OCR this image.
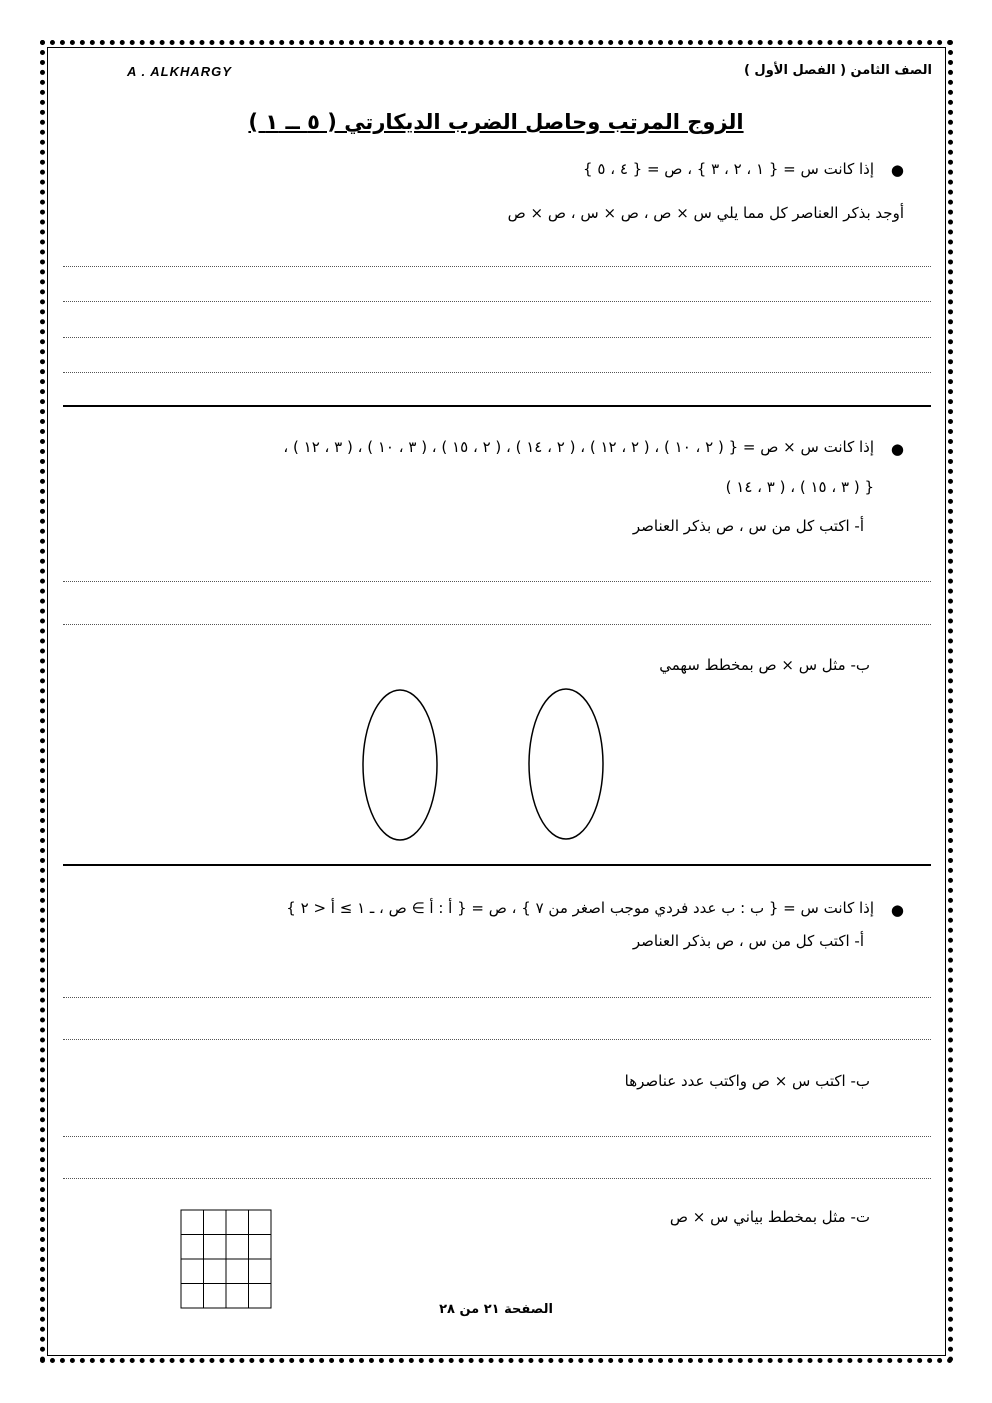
A . ALKHARGY	الصف الثامن ( الفصل الأول )
الزوج المرتب وحاصل الضرب الديكارتي ( ٥ ــ ١ )
●
إذا كانت س = { ١ ، ٢ ، ٣ } ، ص = { ٤ ، ٥ }
أوجد بذكر العناصر كل مما يلي س × ص ، ص × س ، ص × ص
●
إذا كانت س × ص = { ( ٢ ، ١٠ ) ، ( ٢ ، ١٢ ) ، ( ٢ ، ١٤ ) ، ( ٢ ، ١٥ ) ، ( ٣ ، ١٠ ) ، ( ٣ ، ١٢ ) ،
( ٣ ، ١٤ ) ، ( ٣ ، ١٥ ) }
أ- اكتب كل من س ، ص بذكر العناصر
ب- مثل س × ص بمخطط سهمي
●
إذا كانت س = { ب : ب عدد فردي موجب اصغر من ٧ } ، ص = { أ : أ ∋ ص ، ـ ١ ≥ أ < ٢ }
أ- اكتب كل من س ، ص بذكر العناصر
ب- اكتب س × ص واكتب عدد عناصرها
ت- مثل بمخطط بياني س × ص
الصفحة ٢١ من ٢٨
